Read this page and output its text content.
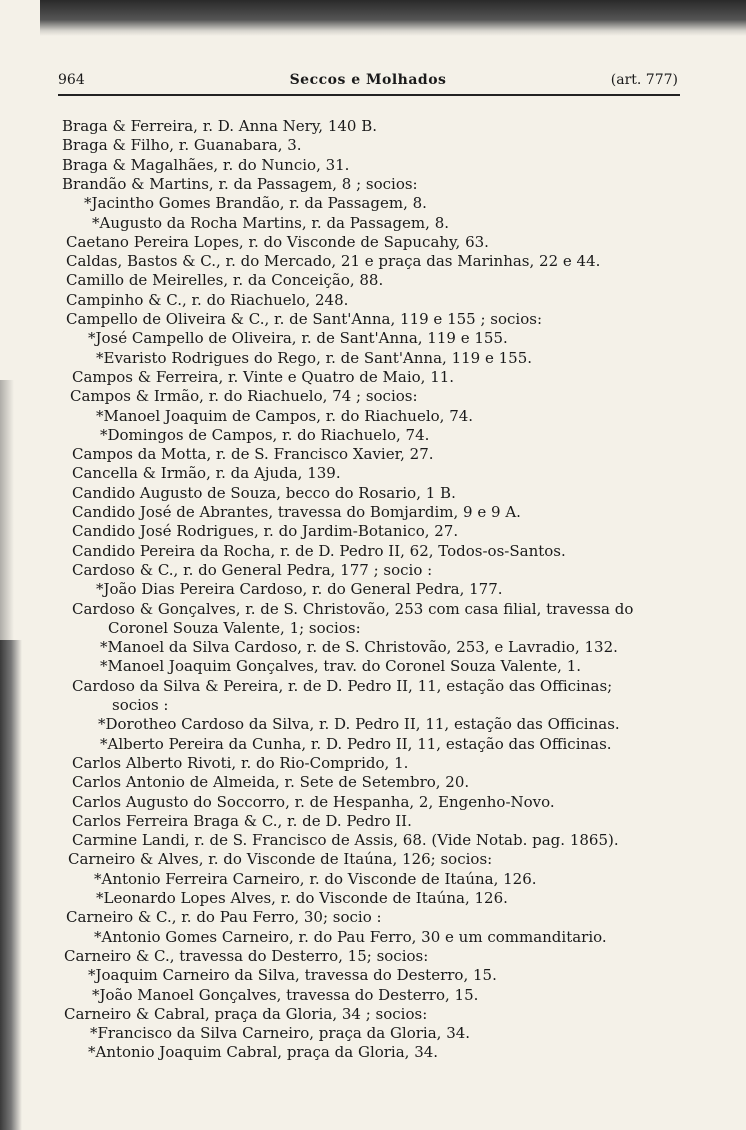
964	Seccos e Molhados	(art. 777)
Braga & Ferreira, r. D. Anna Nery, 140 B.
Braga & Filho, r. Guanabara, 3.
Braga & Magalhães, r. do Nuncio, 31.
Brandão & Martins, r. da Passagem, 8 ; socios:
*Jacintho Gomes Brandão, r. da Passagem, 8.
*Augusto da Rocha Martins, r. da Passagem, 8.
Caetano Pereira Lopes, r. do Visconde de Sapucahy, 63.
Caldas, Bastos & C., r. do Mercado, 21 e praça das Marinhas, 22 e 44.
Camillo de Meirelles, r. da Conceição, 88.
Campinho & C., r. do Riachuelo, 248.
Campello de Oliveira & C., r. de Sant'Anna, 119 e 155 ; socios:
*José Campello de Oliveira, r. de Sant'Anna, 119 e 155.
*Evaristo Rodrigues do Rego, r. de Sant'Anna, 119 e 155.
Campos & Ferreira, r. Vinte e Quatro de Maio, 11.
Campos & Irmão, r. do Riachuelo, 74 ; socios:
*Manoel Joaquim de Campos, r. do Riachuelo, 74.
*Domingos de Campos, r. do Riachuelo, 74.
Campos da Motta, r. de S. Francisco Xavier, 27.
Cancella & Irmão, r. da Ajuda, 139.
Candido Augusto de Souza, becco do Rosario, 1 B.
Candido José de Abrantes, travessa do Bomjardim, 9 e 9 A.
Candido José Rodrigues, r. do Jardim-Botanico, 27.
Candido Pereira da Rocha, r. de D. Pedro II, 62, Todos-os-Santos.
Cardoso & C., r. do General Pedra, 177 ; socio :
*João Dias Pereira Cardoso, r. do General Pedra, 177.
Cardoso & Gonçalves, r. de S. Christovão, 253 com casa filial, travessa do
Coronel Souza Valente, 1; socios:
*Manoel da Silva Cardoso, r. de S. Christovão, 253, e Lavradio, 132.
*Manoel Joaquim Gonçalves, trav. do Coronel Souza Valente, 1.
Cardoso da Silva & Pereira, r. de D. Pedro II, 11, estação das Officinas;
socios :
*Dorotheo Cardoso da Silva, r. D. Pedro II, 11, estação das Officinas.
*Alberto Pereira da Cunha, r. D. Pedro II, 11, estação das Officinas.
Carlos Alberto Rivoti, r. do Rio-Comprido, 1.
Carlos Antonio de Almeida, r. Sete de Setembro, 20.
Carlos Augusto do Soccorro, r. de Hespanha, 2, Engenho-Novo.
Carlos Ferreira Braga & C., r. de D. Pedro II.
Carmine Landi, r. de S. Francisco de Assis, 68. (Vide Notab. pag. 1865).
Carneiro & Alves, r. do Visconde de Itaúna, 126; socios:
*Antonio Ferreira Carneiro, r. do Visconde de Itaúna, 126.
*Leonardo Lopes Alves, r. do Visconde de Itaúna, 126.
Carneiro & C., r. do Pau Ferro, 30; socio :
*Antonio Gomes Carneiro, r. do Pau Ferro, 30 e um commanditario.
Carneiro & C., travessa do Desterro, 15; socios:
*Joaquim Carneiro da Silva, travessa do Desterro, 15.
*João Manoel Gonçalves, travessa do Desterro, 15.
Carneiro & Cabral, praça da Gloria, 34 ; socios:
*Francisco da Silva Carneiro, praça da Gloria, 34.
*Antonio Joaquim Cabral, praça da Gloria, 34.
